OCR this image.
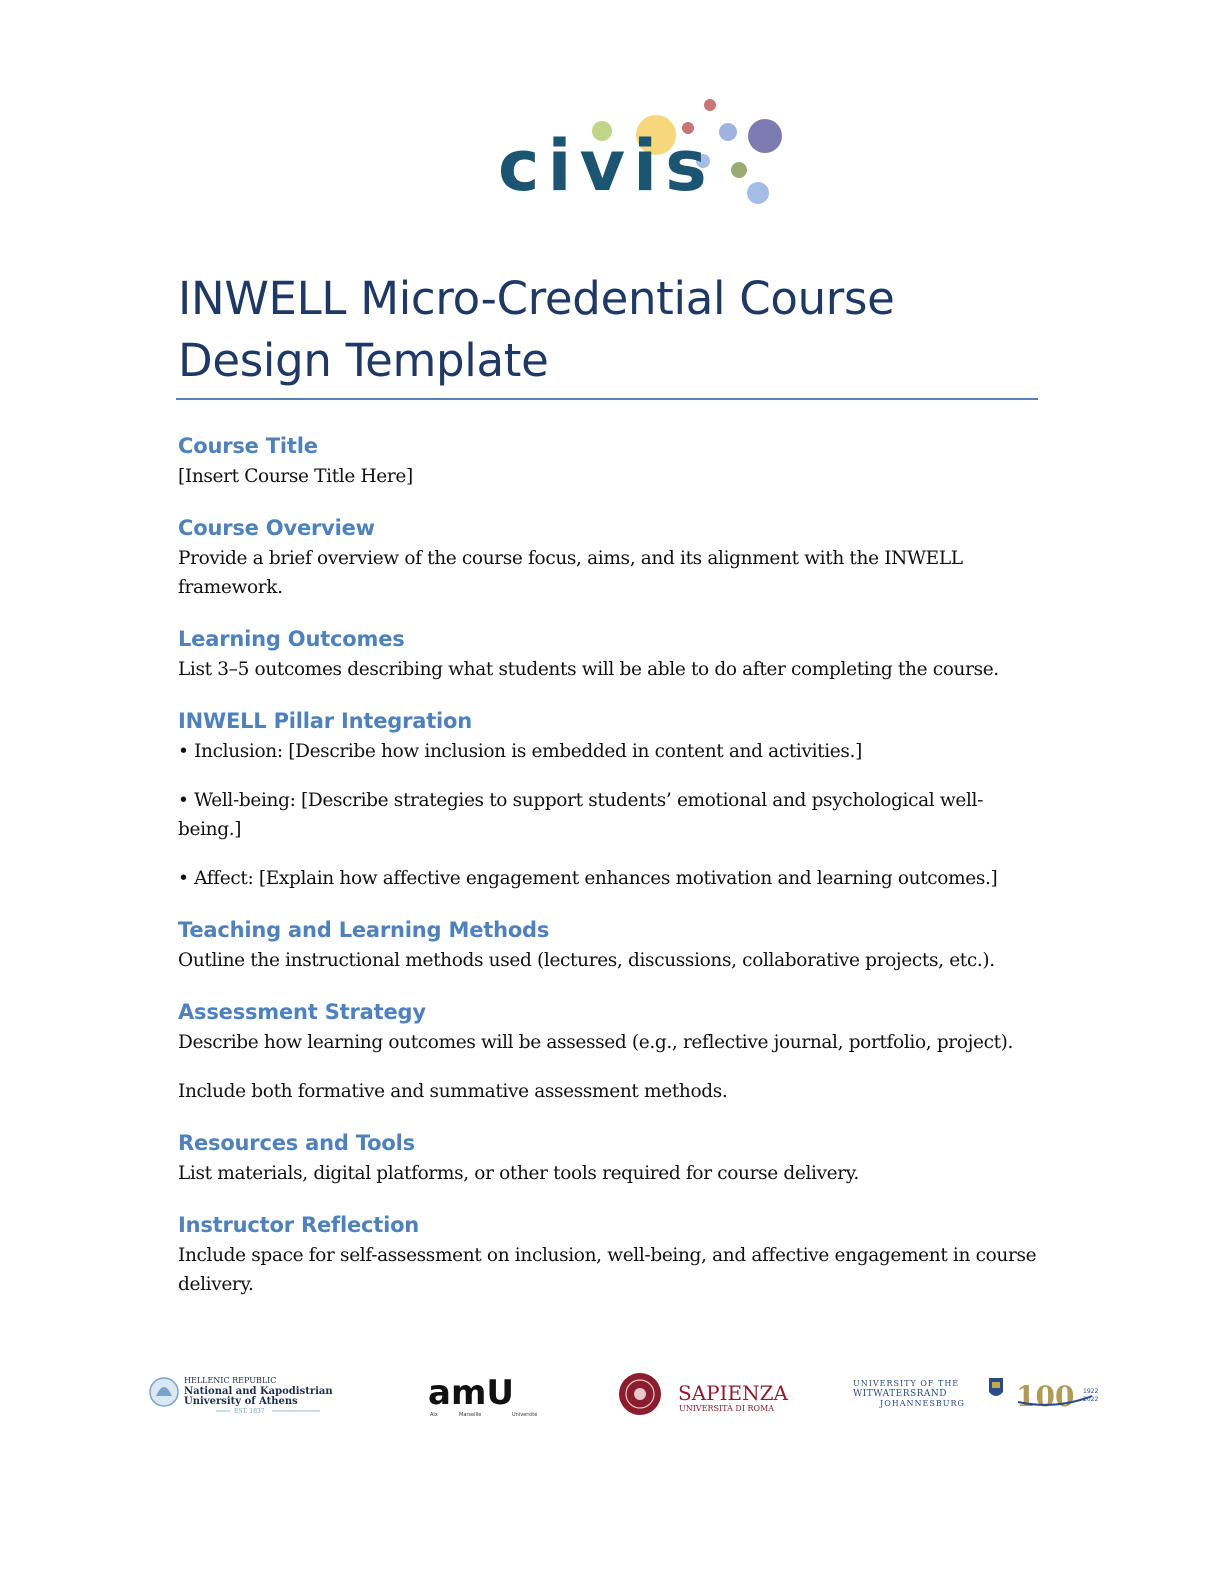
civis
INWELL Micro-Credential Course Design Template
Course Title

[Insert Course Title Here]

Course Overview

Provide a brief overview of the course focus, aims, and its alignment with the INWELL framework.

Learning Outcomes

List 3–5 outcomes describing what students will be able to do after completing the course.

INWELL Pillar Integration

• Inclusion: [Describe how inclusion is embedded in content and activities.]

• Well-being: [Describe strategies to support students’ emotional and psychological well-being.]

• Affect: [Explain how affective engagement enhances motivation and learning outcomes.]

Teaching and Learning Methods

Outline the instructional methods used (lectures, discussions, collaborative projects, etc.).

Assessment Strategy

Describe how learning outcomes will be assessed (e.g., reflective journal, portfolio, project).

Include both formative and summative assessment methods.

Resources and Tools

List materials, digital platforms, or other tools required for course delivery.

Instructor Reflection

Include space for self-assessment on inclusion, well-being, and affective engagement in course delivery.

HELLENIC REPUBLIC
National and Kapodistrian
University of Athens
EST. 1837	amU
Aix	Marseille	Université
SAPIENZA
UNIVERSITÀ DI ROMA
UNIVERSITY OF THE
WITWATERSRAND
JOHANNESBURG 100 1922
2022
